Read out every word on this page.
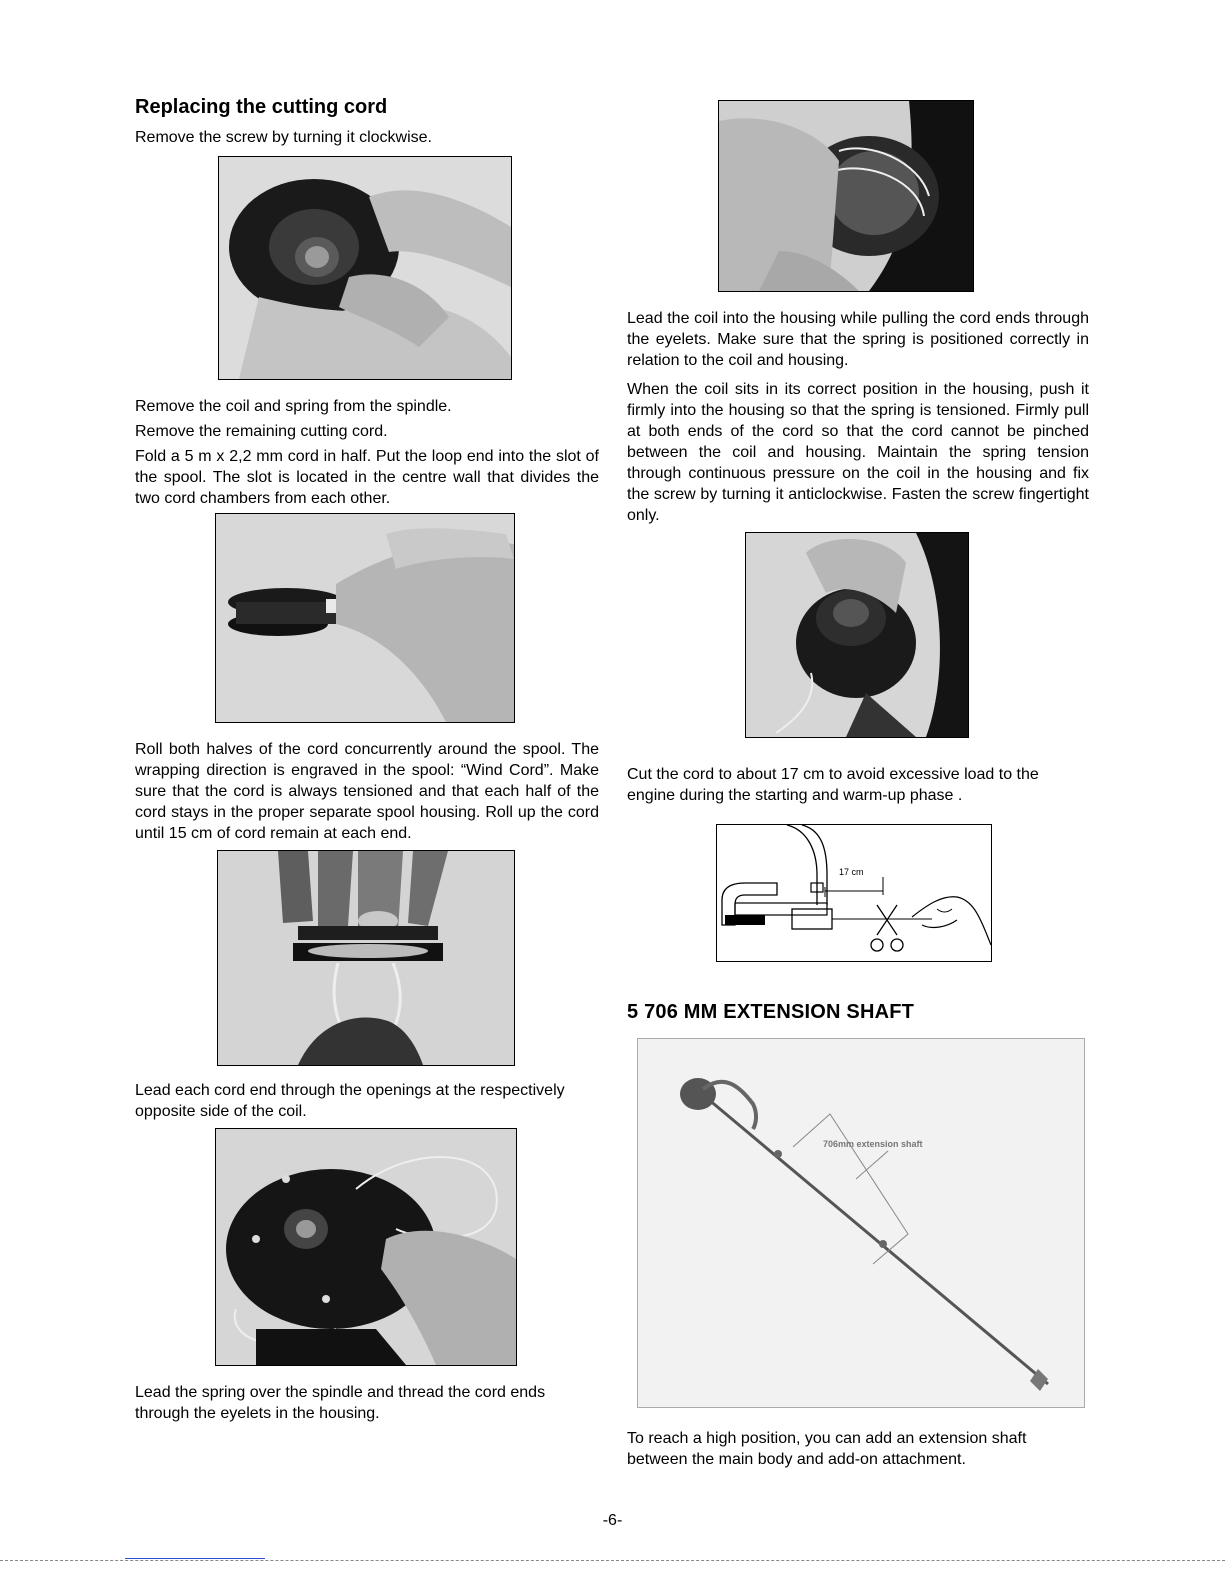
Replacing the cutting cord

Remove the screw by turning it clockwise.

Remove the coil and spring from the spindle.

Remove the remaining cutting cord.

Fold a 5 m x 2,2 mm cord in half. Put the loop end into the slot of the spool. The slot is located in the centre wall that divides the two cord chambers from each other.

Roll both halves of the cord concurrently around the spool. The wrapping direction is engraved in the spool: “Wind Cord”. Make sure that the cord is always tensioned and that each half of the cord stays in the proper separate spool housing. Roll up the cord until 15 cm of cord remain at each end.

Lead each cord end through the openings at the respectively opposite side of the coil.

Lead the spring over the spindle and thread the cord ends through the eyelets in the housing.

Lead the coil into the housing while pulling the cord ends through the eyelets. Make sure that the spring is positioned correctly in relation to the coil and housing.

When the coil sits in its correct position in the housing, push it firmly into the housing so that the spring is tensioned. Firmly pull at both ends of the cord so that the cord cannot be pinched between the coil and housing. Maintain the spring tension through continuous pressure on the coil in the housing and fix the screw by turning it anticlockwise. Fasten the screw fingertight only.

Cut the cord to about 17 cm to avoid excessive load to the engine during the starting and warm-up phase .

17 cm
5 706 MM EXTENSION SHAFT
706mm extension shaft

To reach a high position, you can add an extension shaft between the main body and add-on attachment.

-6-
